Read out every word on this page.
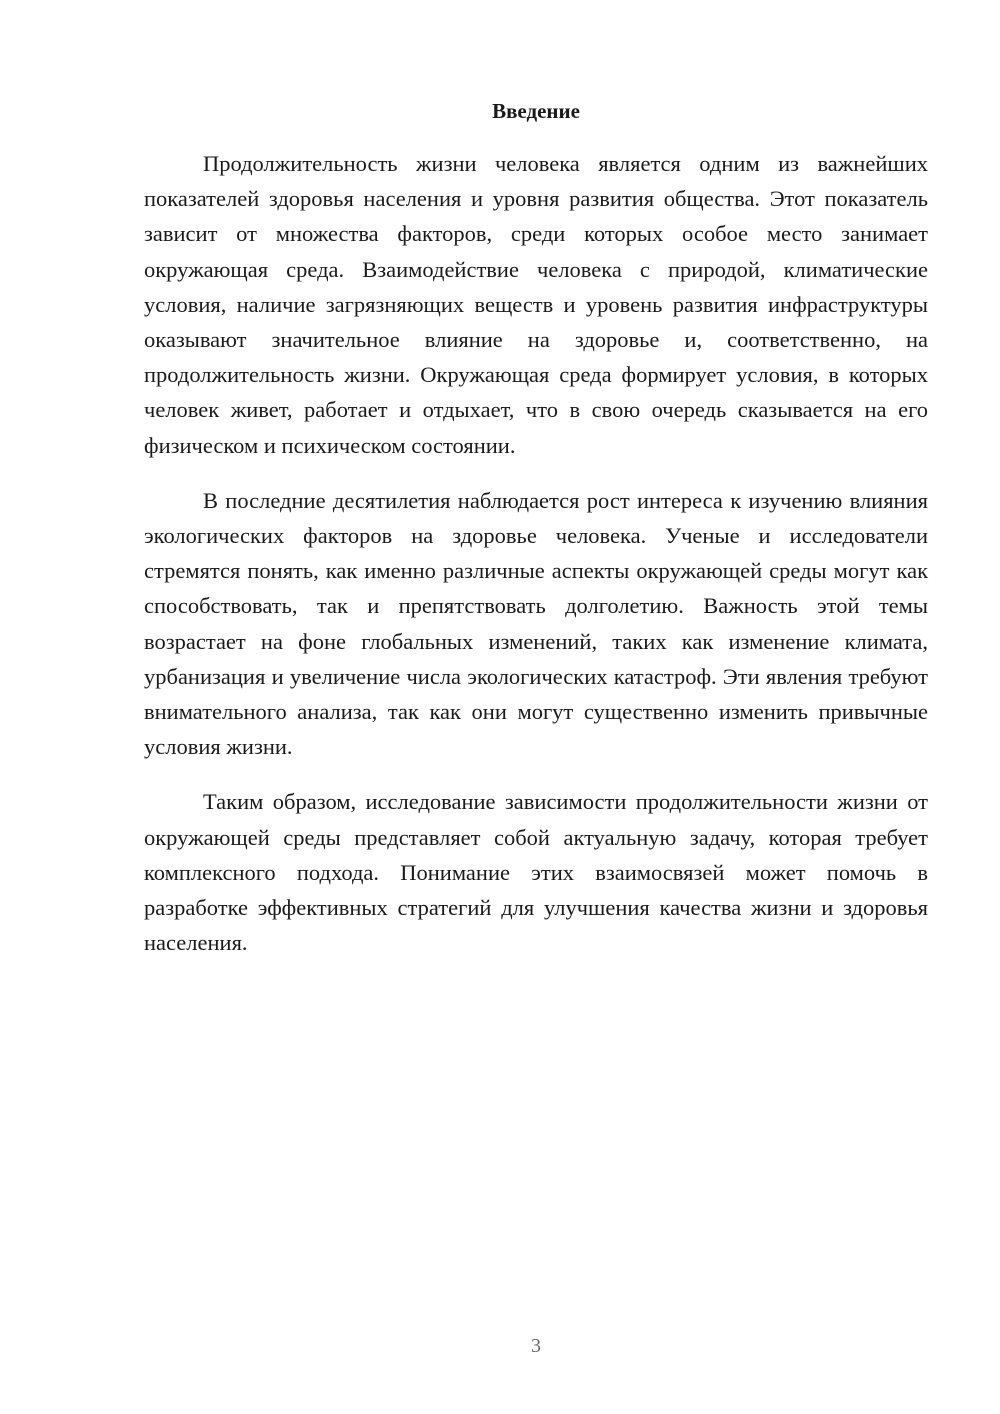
Введение

Продолжительность жизни человека является одним из важнейших показателей здоровья населения и уровня развития общества. Этот показатель зависит от множества факторов, среди которых особое место занимает окружающая среда. Взаимодействие человека с природой, климатические условия, наличие загрязняющих веществ и уровень развития инфраструктуры оказывают значительное влияние на здоровье и, соответственно, на продолжительность жизни. Окружающая среда формирует условия, в которых человек живет, работает и отдыхает, что в свою очередь сказывается на его физическом и психическом состоянии.

В последние десятилетия наблюдается рост интереса к изучению влияния экологических факторов на здоровье человека. Ученые и исследователи стремятся понять, как именно различные аспекты окружающей среды могут как способствовать, так и препятствовать долголетию. Важность этой темы возрастает на фоне глобальных изменений, таких как изменение климата, урбанизация и увеличение числа экологических катастроф. Эти явления требуют внимательного анализа, так как они могут существенно изменить привычные условия жизни.

Таким образом, исследование зависимости продолжительности жизни от окружающей среды представляет собой актуальную задачу, которая требует комплексного подхода. Понимание этих взаимосвязей может помочь в разработке эффективных стратегий для улучшения качества жизни и здоровья населения.

3
